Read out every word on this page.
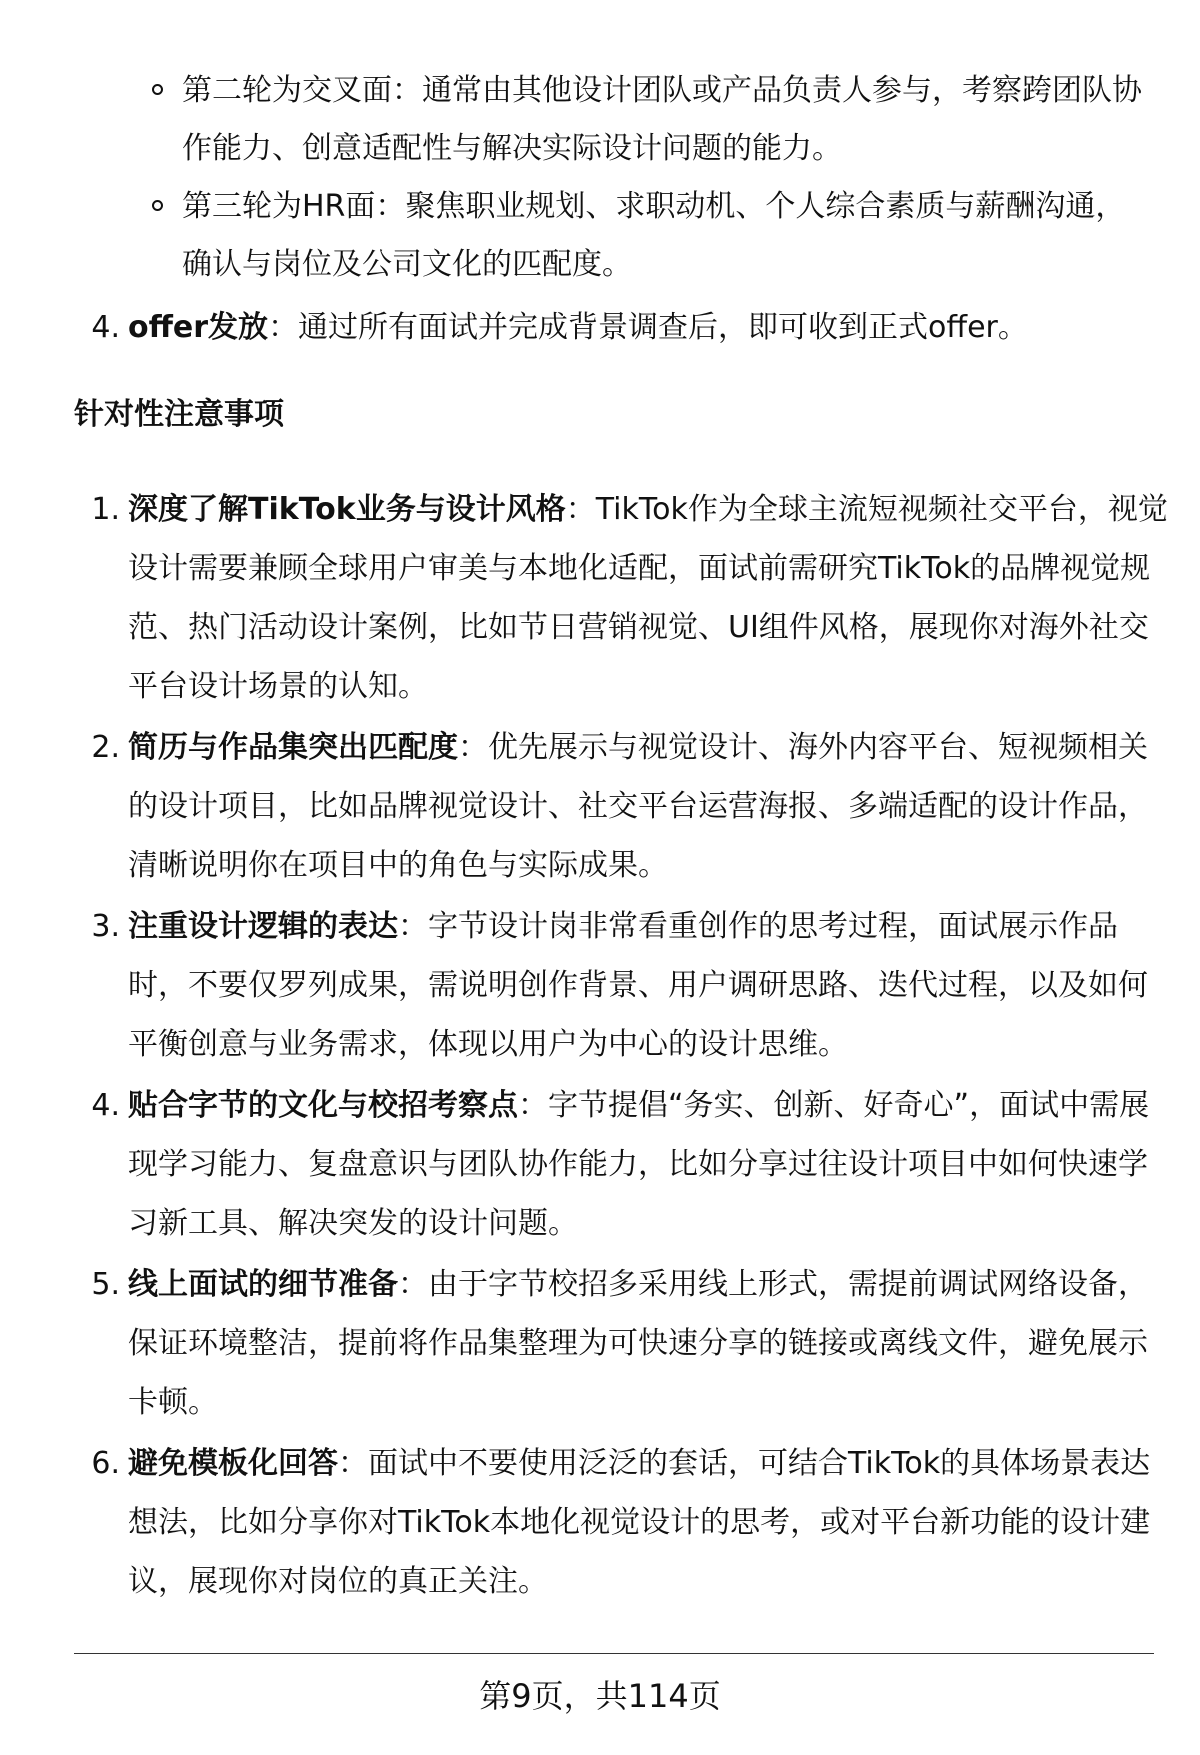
第二轮为交叉面：通常由其他设计团队或产品负责人参与，考察跨团队协作能力、创意适配性与解决实际设计问题的能力。
第三轮为HR面：聚焦职业规划、求职动机、个人综合素质与薪酬沟通，确认与岗位及公司文化的匹配度。
4. offer发放：通过所有面试并完成背景调查后，即可收到正式offer。
针对性注意事项
1. 深度了解TikTok业务与设计风格：TikTok作为全球主流短视频社交平台，视觉设计需要兼顾全球用户审美与本地化适配，面试前需研究TikTok的品牌视觉规范、热门活动设计案例，比如节日营销视觉、UI组件风格，展现你对海外社交平台设计场景的认知。
2. 简历与作品集突出匹配度：优先展示与视觉设计、海外内容平台、短视频相关的设计项目，比如品牌视觉设计、社交平台运营海报、多端适配的设计作品，清晰说明你在项目中的角色与实际成果。
3. 注重设计逻辑的表达：字节设计岗非常看重创作的思考过程，面试展示作品时，不要仅罗列成果，需说明创作背景、用户调研思路、迭代过程，以及如何平衡创意与业务需求，体现以用户为中心的设计思维。
4. 贴合字节的文化与校招考察点：字节提倡“务实、创新、好奇心”，面试中需展现学习能力、复盘意识与团队协作能力，比如分享过往设计项目中如何快速学习新工具、解决突发的设计问题。
5. 线上面试的细节准备：由于字节校招多采用线上形式，需提前调试网络设备，保证环境整洁，提前将作品集整理为可快速分享的链接或离线文件，避免展示卡顿。
6. 避免模板化回答：面试中不要使用泛泛的套话，可结合TikTok的具体场景表达想法，比如分享你对TikTok本地化视觉设计的思考，或对平台新功能的设计建议，展现你对岗位的真正关注。
第9页，共114页
